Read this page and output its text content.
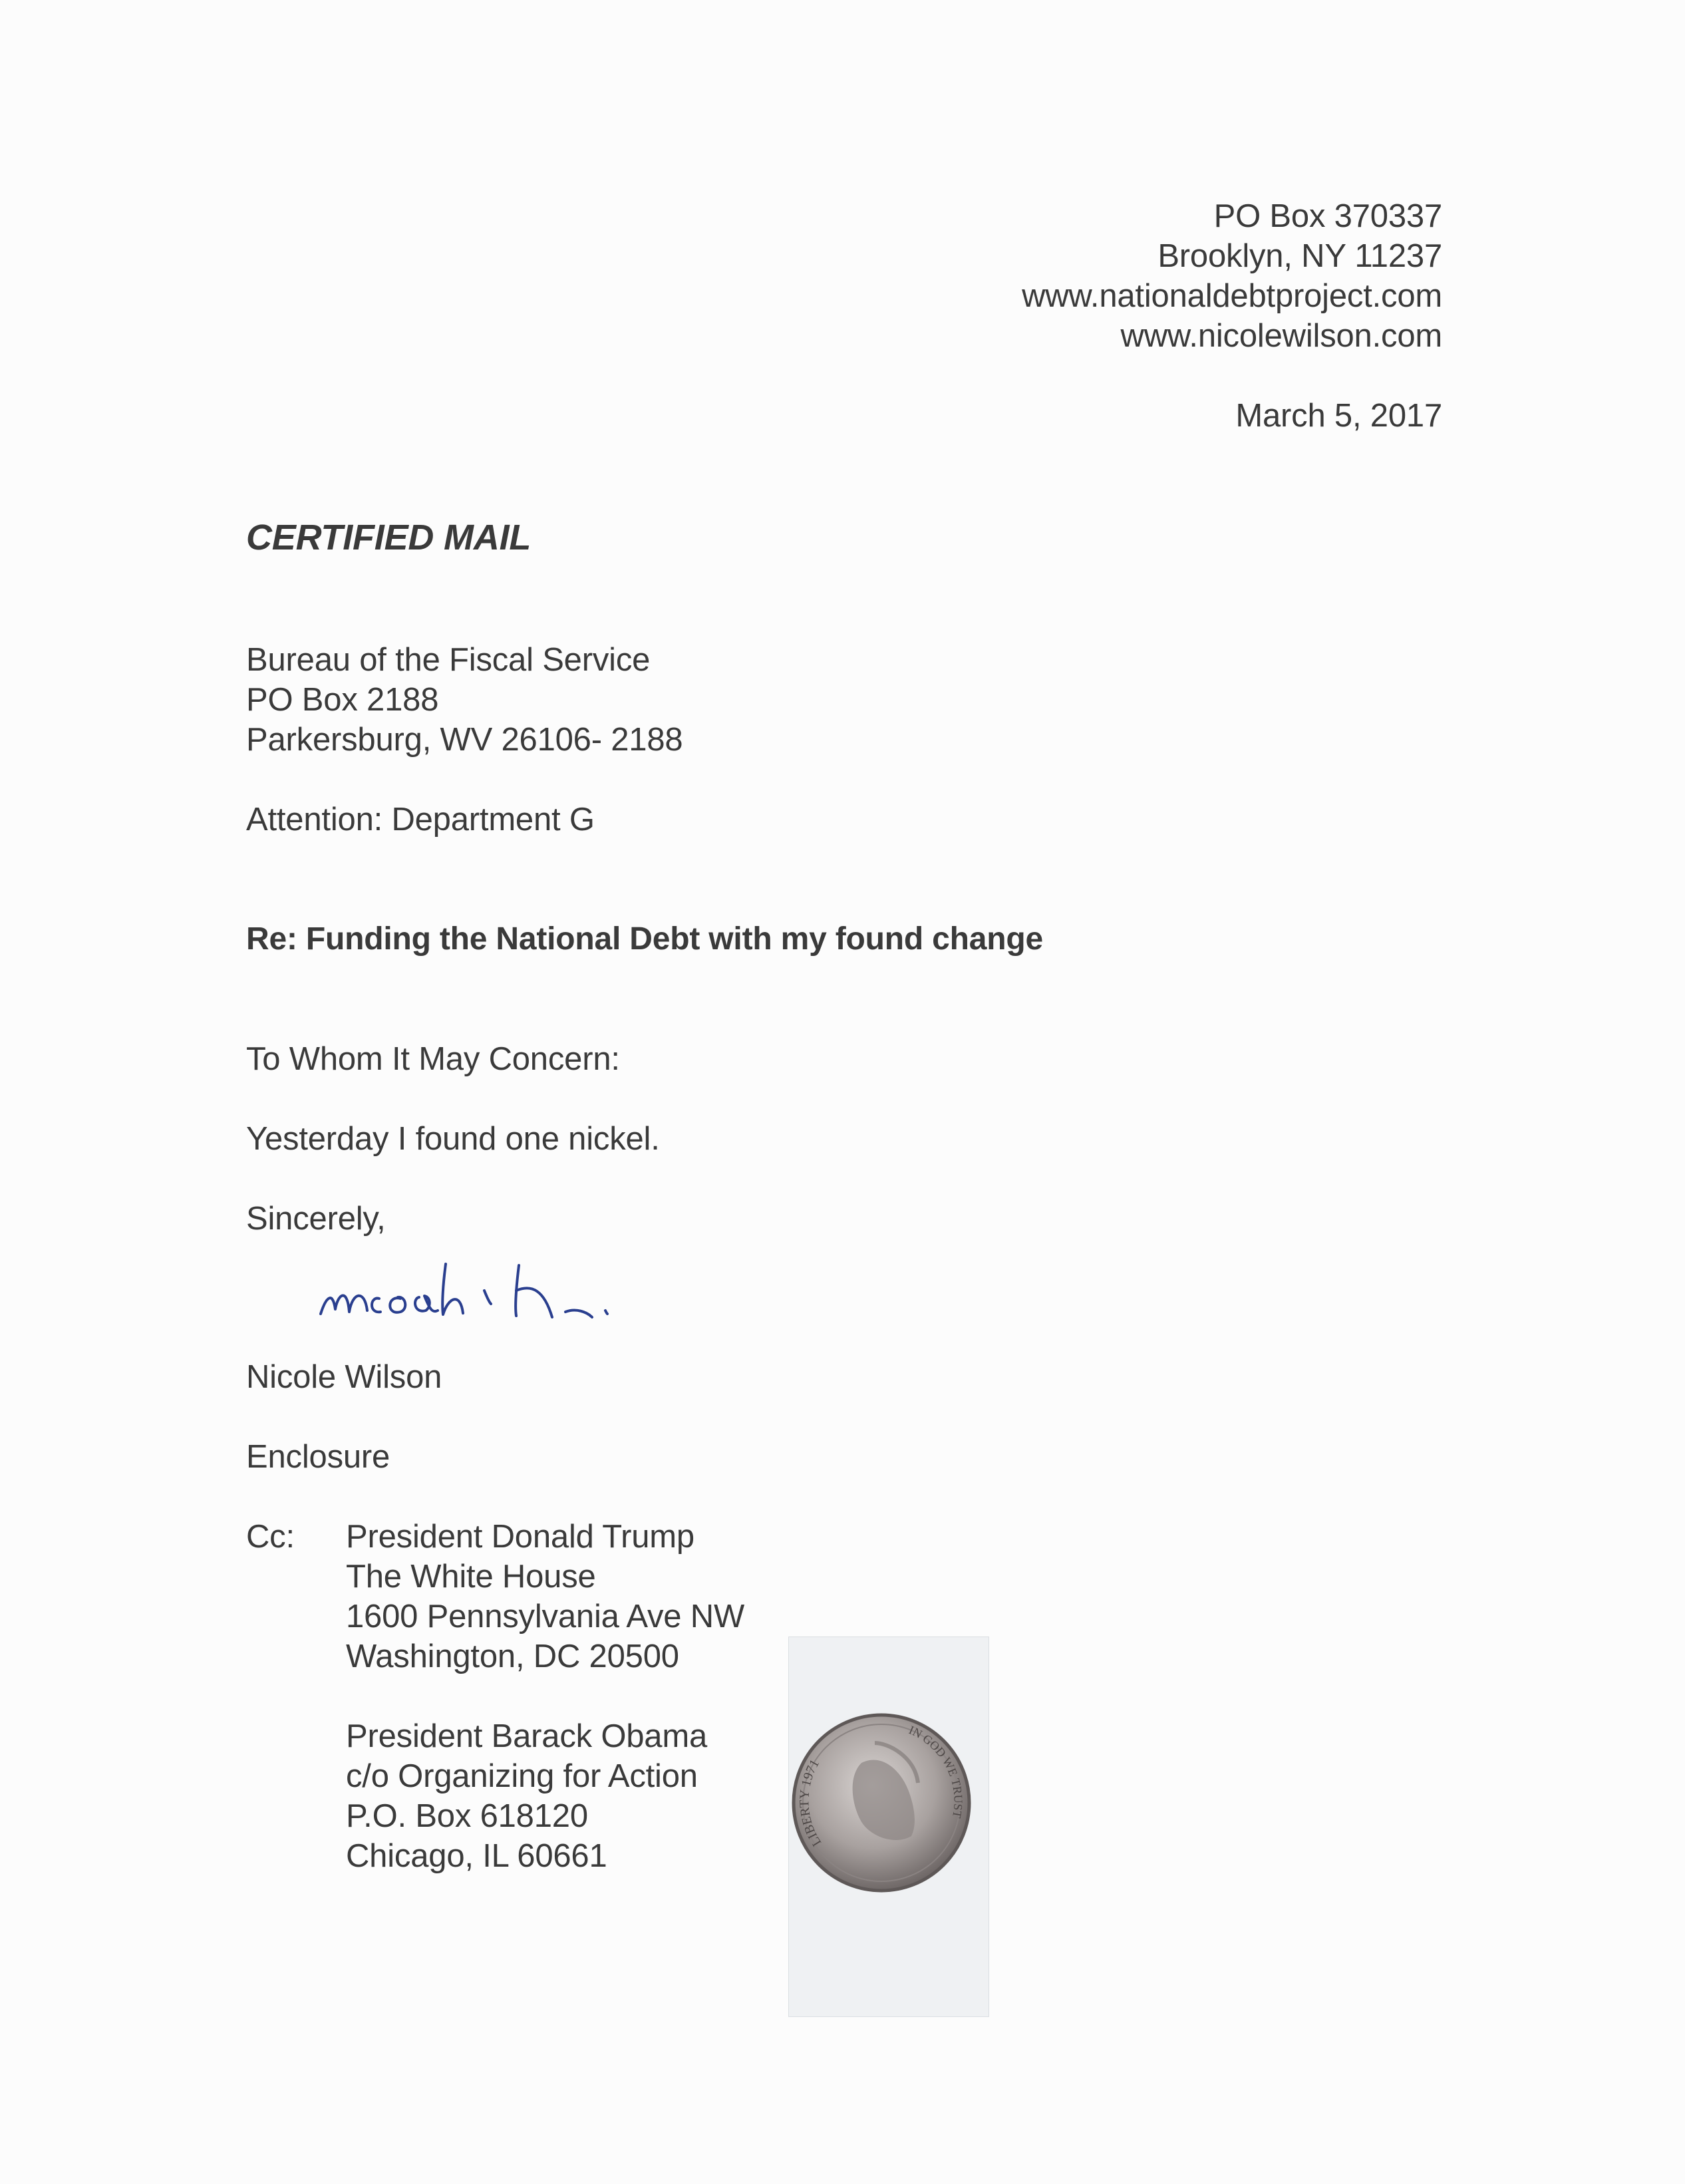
PO Box 370337

Brooklyn, NY 11237

www.nationaldebtproject.com

www.nicolewilson.com

March 5, 2017

CERTIFIED MAIL

Bureau of the Fiscal Service

PO Box 2188

Parkersburg, WV 26106- 2188

Attention: Department G

Re: Funding the National Debt with my found change

To Whom It May Concern:

Yesterday I found one nickel.

Sincerely,

Nicole Wilson

Enclosure

Cc: President Donald Trump

The White House

1600 Pennsylvania Ave NW

Washington, DC 20500

President Barack Obama

c/o Organizing for Action

P.O. Box 618120

Chicago, IL 60661	LIBERTY 1971
IN GOD WE TRUST
